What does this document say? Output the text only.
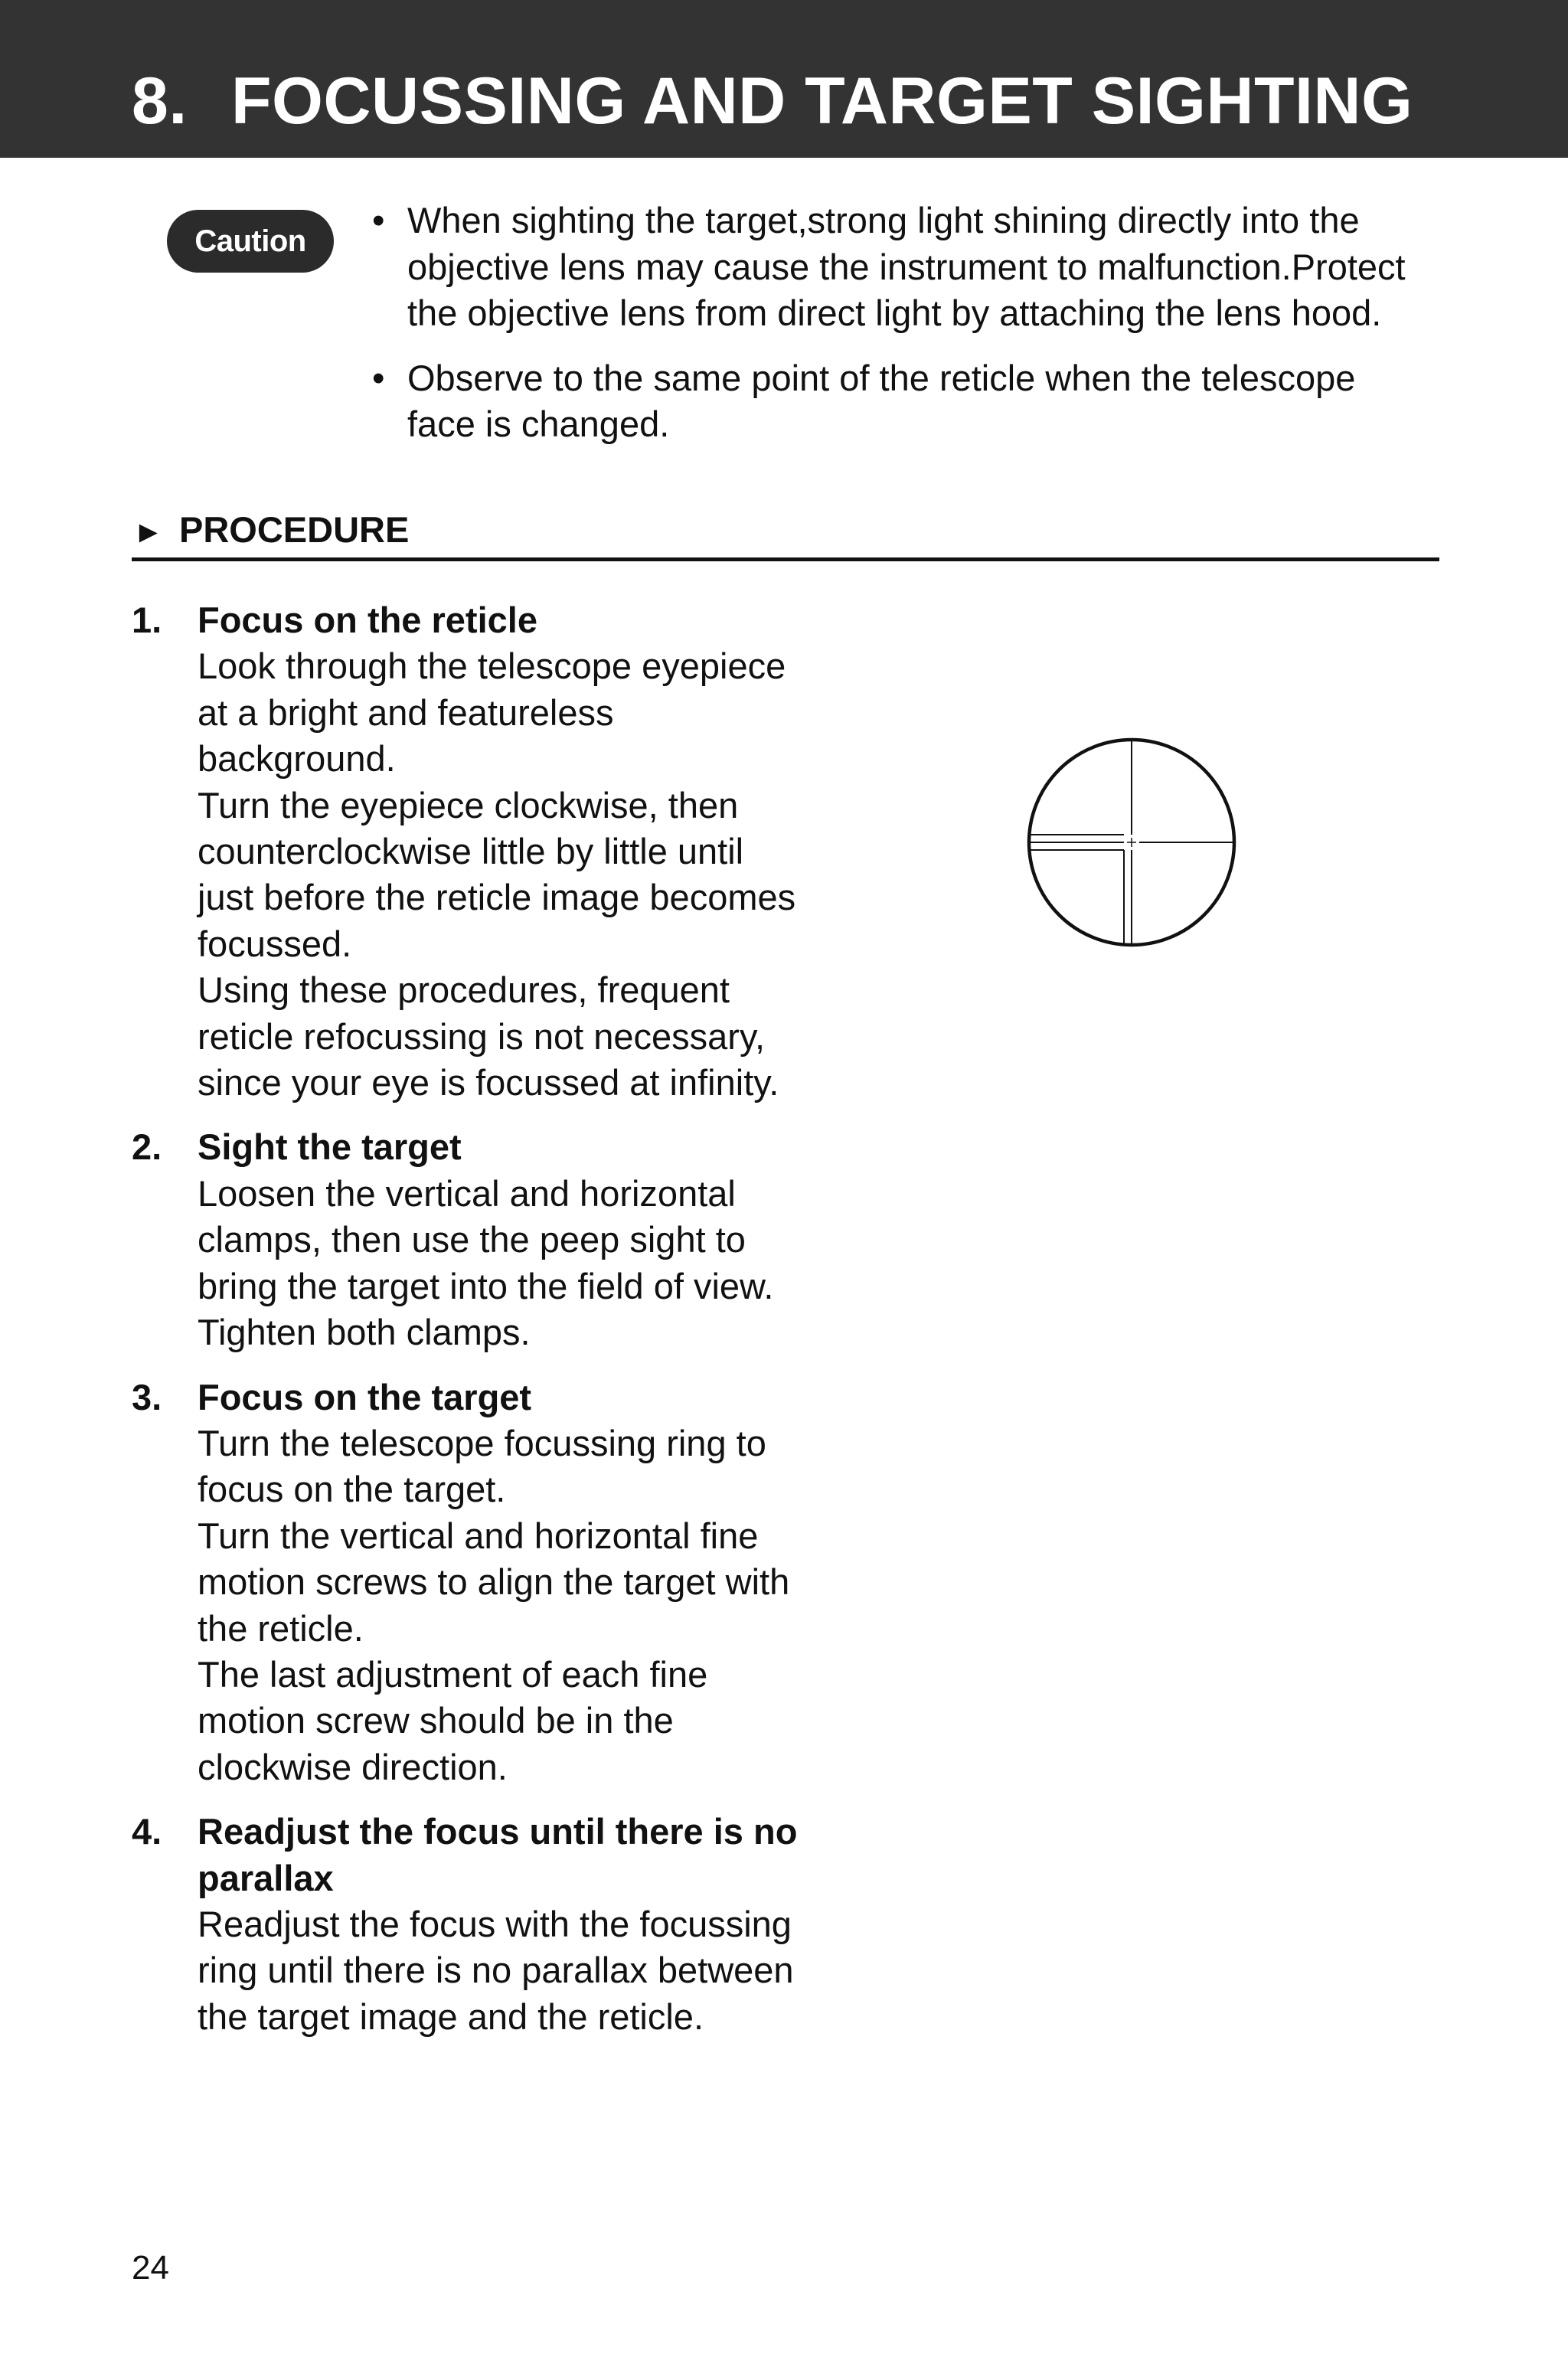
8. FOCUSSING AND TARGET SIGHTING
Caution
• When sighting the target,strong light shining directly into the
objective lens may cause the instrument to malfunction.Protect
the objective lens from direct light by attaching the lens hood.
• Observe to the same point of the reticle when the telescope
face is changed.
► PROCEDURE
1. Focus on the reticle
Look through the telescope eyepiece
at a bright and featureless
background.
Turn the eyepiece clockwise, then
counterclockwise little by little until
just before the reticle image becomes
focussed.
Using these procedures, frequent
reticle refocussing is not necessary,
since your eye is focussed at infinity.
2. Sight the target
Loosen the vertical and horizontal
clamps, then use the peep sight to
bring the target into the field of view.
Tighten both clamps.
3. Focus on the target
Turn the telescope focussing ring to
focus on the target.
Turn the vertical and horizontal fine
motion screws to align the target with
the reticle.
The last adjustment of each fine
motion screw should be in the
clockwise direction.
4. Readjust the focus until there is no
parallax
Readjust the focus with the focussing
ring until there is no parallax between
the target image and the reticle.
24
